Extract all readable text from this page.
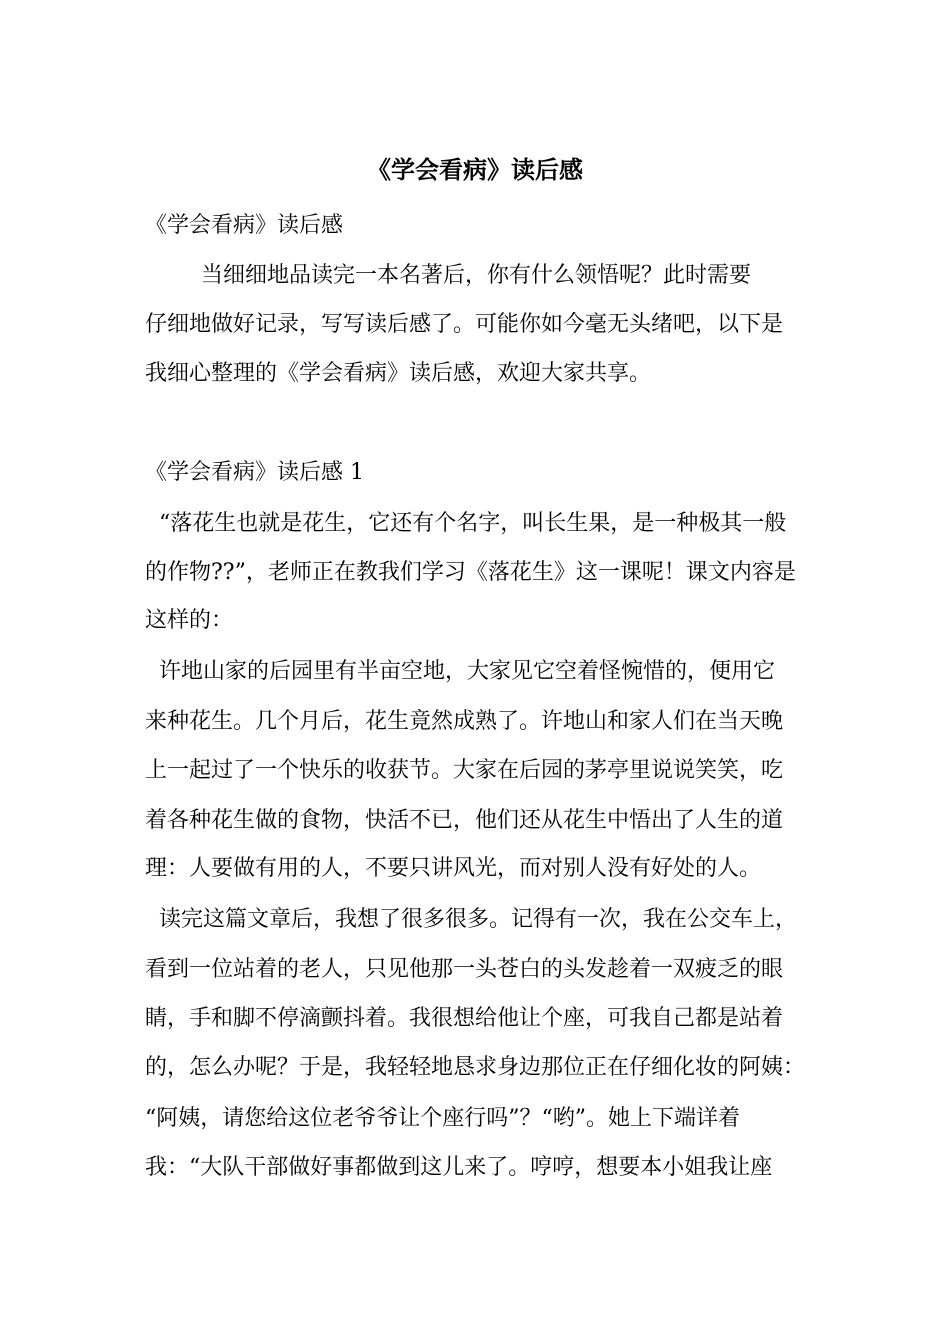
《学会看病》读后感
《学会看病》读后感
当细细地品读完一本名著后，你有什么领悟呢？此时需要
仔细地做好记录，写写读后感了。可能你如今毫无头绪吧，以下是
我细心整理的《学会看病》读后感，欢迎大家共享。
《学会看病》读后感 1
“落花生也就是花生，它还有个名字，叫长生果，是一种极其一般
的作物??”，老师正在教我们学习《落花生》这一课呢！课文内容是
这样的：
许地山家的后园里有半亩空地，大家见它空着怪惋惜的，便用它
来种花生。几个月后，花生竟然成熟了。许地山和家人们在当天晚
上一起过了一个快乐的收获节。大家在后园的茅亭里说说笑笑，吃
着各种花生做的食物，快活不已，他们还从花生中悟出了人生的道
理：人要做有用的人，不要只讲风光，而对别人没有好处的人。
读完这篇文章后，我想了很多很多。记得有一次，我在公交车上，
看到一位站着的老人，只见他那一头苍白的头发趁着一双疲乏的眼
睛，手和脚不停滴颤抖着。我很想给他让个座，可我自己都是站着
的，怎么办呢？于是，我轻轻地恳求身边那位正在仔细化妆的阿姨：
“阿姨，请您给这位老爷爷让个座行吗”？“哟”。她上下端详着
我：“大队干部做好事都做到这儿来了。哼哼，想要本小姐我让座
